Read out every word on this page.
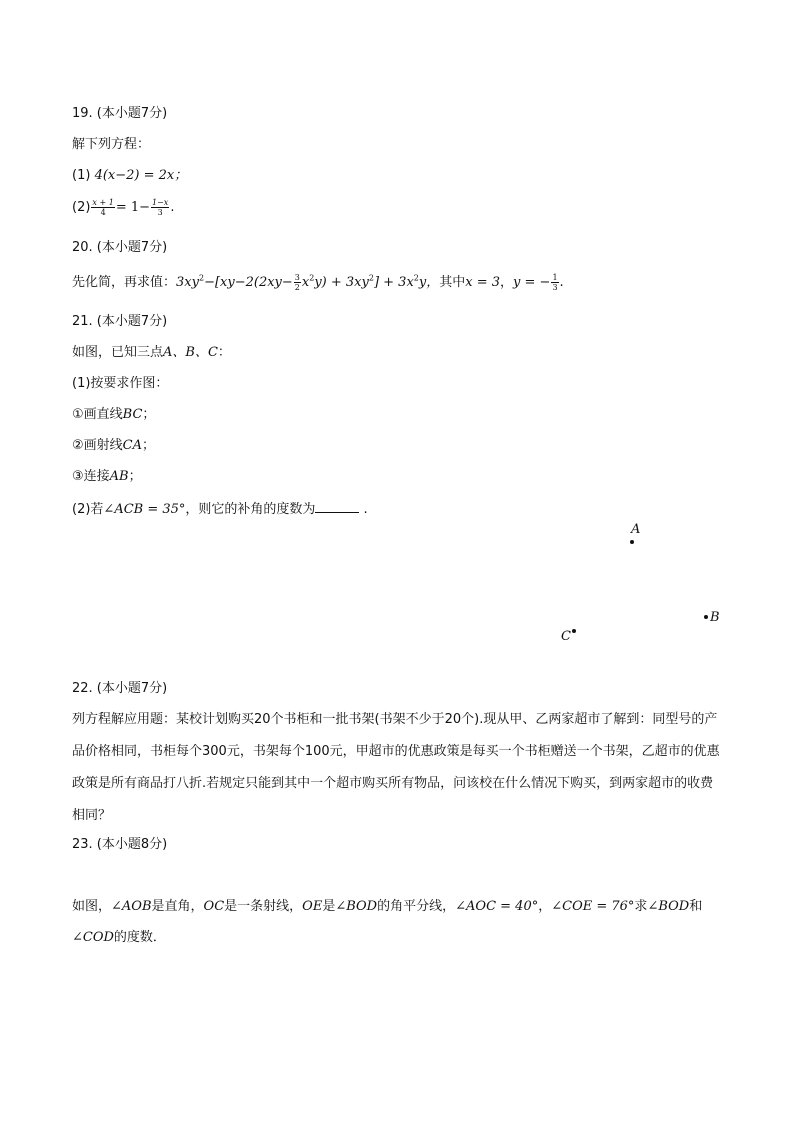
19. (本小题7分)
解下列方程：
(1) 4(x−2) = 2x；
$(2) \frac{x + 1}{4} = 1- \frac{1-x}{3}$ .
20. (本小题7分)
先化简，再求值：$3xy^2-[xy-2(2xy- \frac{3}{2} x^2y) + 3xy^2] + 3x^2y$，其中x = 3，y = − $\frac{1}{3}$ .
21. (本小题7分)
如图，已知三点A、B、C：
(1)按要求作图：
①画直线BC；
②画射线CA；
③连接AB；
(2)若∠ACB = 35°，则它的补角的度数为	.
A
B
C
22. (本小题7分)
列方程解应用题：某校计划购买20个书柜和一批书架(书架不少于20个).现从甲、乙两家超市了解到：同型号的产品价格相同，书柜每个300元，书架每个100元，甲超市的优惠政策是每买一个书柜赠送一个书架，乙超市的优惠政策是所有商品打八折.若规定只能到其中一个超市购买所有物品，问该校在什么情况下购买，到两家超市的收费相同？
23. (本小题8分)
如图，∠AOB是直角，OC是一条射线，OE是∠BOD的角平分线，∠AOC = 40°，∠COE = 76°求∠BOD和
∠COD的度数．
